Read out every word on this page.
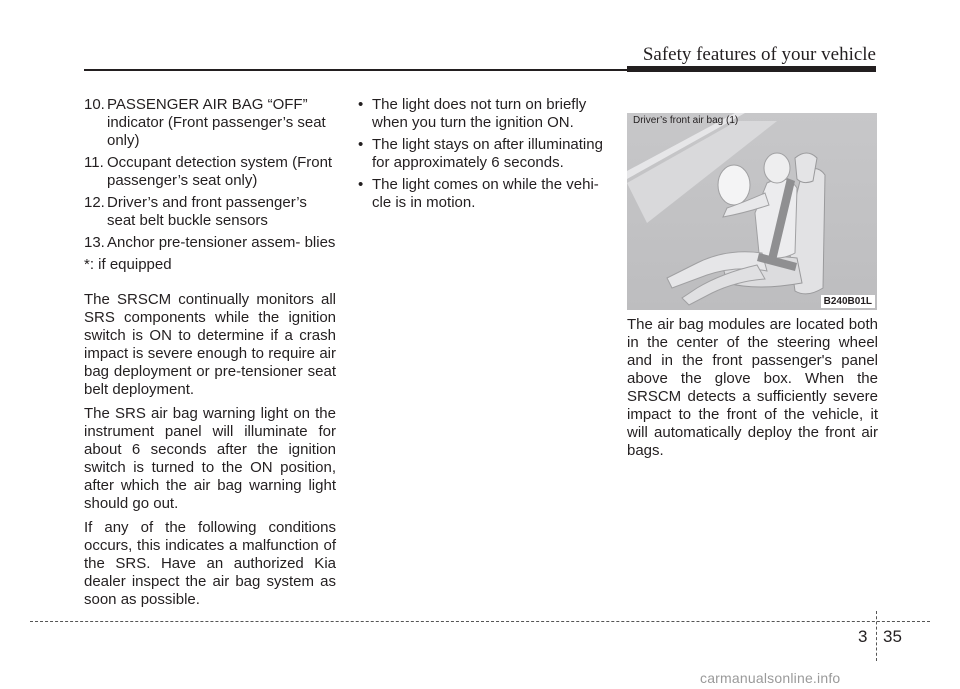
Safety features of your vehicle
10. PASSENGER AIR BAG “OFF” indicator (Front passenger’s seat only)
11. Occupant detection system (Front passenger’s seat only)
12. Driver’s and front passenger’s seat belt buckle sensors
13. Anchor pre-tensioner assem- blies
*: if equipped

The SRSCM continually monitors all SRS components while the ignition switch is ON to determine if a crash impact is severe enough to require air bag deployment or pre-tensioner seat belt deployment.

The SRS air bag warning light on the instrument panel will illuminate for about 6 seconds after the ignition switch is turned to the ON position, after which the air bag warning light should go out.

If any of the following conditions occurs, this indicates a malfunction of the SRS. Have an authorized Kia dealer inspect the air bag system as soon as possible.

• The light does not turn on briefly when you turn the ignition ON.
• The light stays on after illuminating for approximately 6 seconds.
• The light comes on while the vehi- cle is in motion.
Driver’s front air bag (1)
B240B01L

The air bag modules are located both in the center of the steering wheel and in the front passenger's panel above the glove box. When the SRSCM detects a sufficiently severe impact to the front of the vehicle, it will automatically deploy the front air bags.

3 35
carmanualsonline.info
